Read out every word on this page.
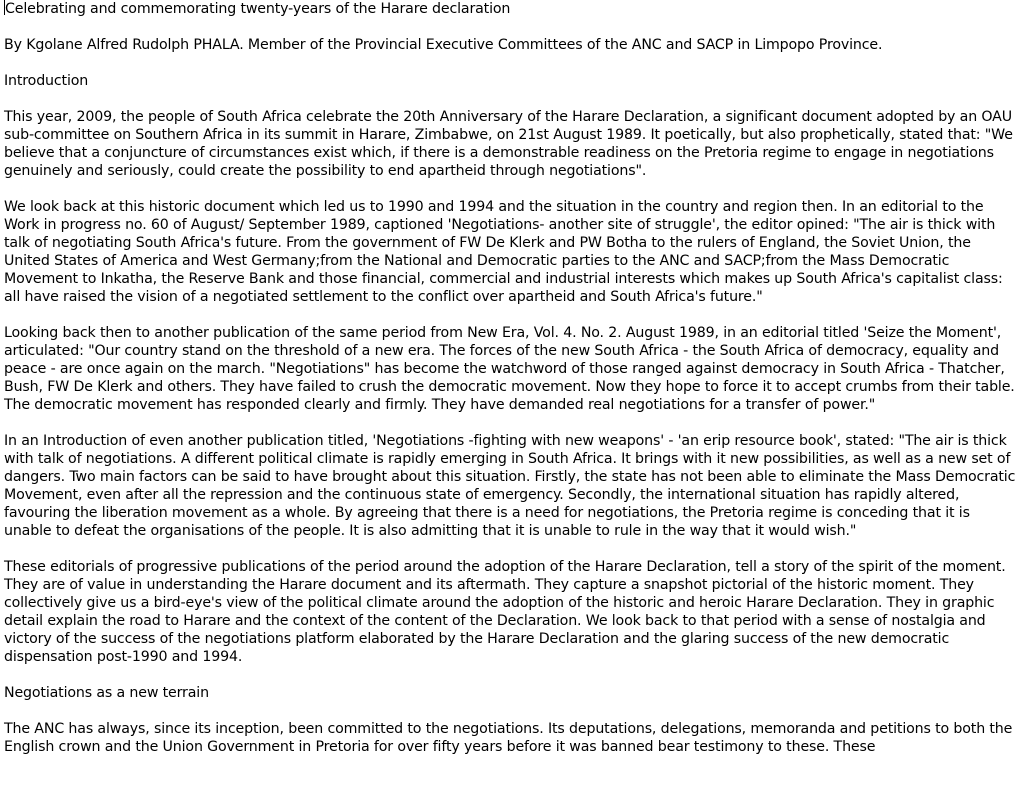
Celebrating and commemorating twenty-years of the Harare declaration

By Kgolane Alfred Rudolph PHALA. Member of the Provincial Executive Committees of the ANC and SACP in Limpopo Province.

Introduction

This year, 2009, the people of South Africa celebrate the 20th Anniversary of the Harare Declaration, a significant document adopted by an OAU sub-committee on Southern Africa in its summit in Harare, Zimbabwe, on 21st August 1989. It poetically, but also prophetically, stated that: "We believe that a conjuncture of circumstances exist which, if there is a demonstrable readiness on the Pretoria regime to engage in negotiations genuinely and seriously, could create the possibility to end apartheid through negotiations".

We look back at this historic document which led us to 1990 and 1994 and the situation in the country and region then. In an editorial to the Work in progress no. 60 of August/ September 1989, captioned 'Negotiations- another site of struggle', the editor opined: "The air is thick with talk of negotiating South Africa's future. From the government of FW De Klerk and PW Botha to the rulers of England, the Soviet Union, the United States of America and West Germany;from the National and Democratic parties to the ANC and SACP;from the Mass Democratic Movement to Inkatha, the Reserve Bank and those financial, commercial and industrial interests which makes up South Africa's capitalist class: all have raised the vision of a negotiated settlement to the conflict over apartheid and South Africa's future."

Looking back then to another publication of the same period from New Era, Vol. 4. No. 2. August 1989, in an editorial titled 'Seize the Moment', articulated: "Our country stand on the threshold of a new era. The forces of the new South Africa - the South Africa of democracy, equality and peace - are once again on the march. "Negotiations" has become the watchword of those ranged against democracy in South Africa - Thatcher, Bush, FW De Klerk and others. They have failed to crush the democratic movement. Now they hope to force it to accept crumbs from their table. The democratic movement has responded clearly and firmly. They have demanded real negotiations for a transfer of power."

In an Introduction of even another publication titled, 'Negotiations -fighting with new weapons' - 'an erip resource book', stated: "The air is thick with talk of negotiations. A different political climate is rapidly emerging in South Africa. It brings with it new possibilities, as well as a new set of dangers. Two main factors can be said to have brought about this situation. Firstly, the state has not been able to eliminate the Mass Democratic Movement, even after all the repression and the continuous state of emergency. Secondly, the international situation has rapidly altered, favouring the liberation movement as a whole. By agreeing that there is a need for negotiations, the Pretoria regime is conceding that it is unable to defeat the organisations of the people. It is also admitting that it is unable to rule in the way that it would wish."

These editorials of progressive publications of the period around the adoption of the Harare Declaration, tell a story of the spirit of the moment. They are of value in understanding the Harare document and its aftermath. They capture a snapshot pictorial of the historic moment. They collectively give us a bird-eye's view of the political climate around the adoption of the historic and heroic Harare Declaration. They in graphic detail explain the road to Harare and the context of the content of the Declaration. We look back to that period with a sense of nostalgia and victory of the success of the negotiations platform elaborated by the Harare Declaration and the glaring success of the new democratic dispensation post-1990 and 1994.

Negotiations as a new terrain

The ANC has always, since its inception, been committed to the negotiations. Its deputations, delegations, memoranda and petitions to both the English crown and the Union Government in Pretoria for over fifty years before it was banned bear testimony to these. These
